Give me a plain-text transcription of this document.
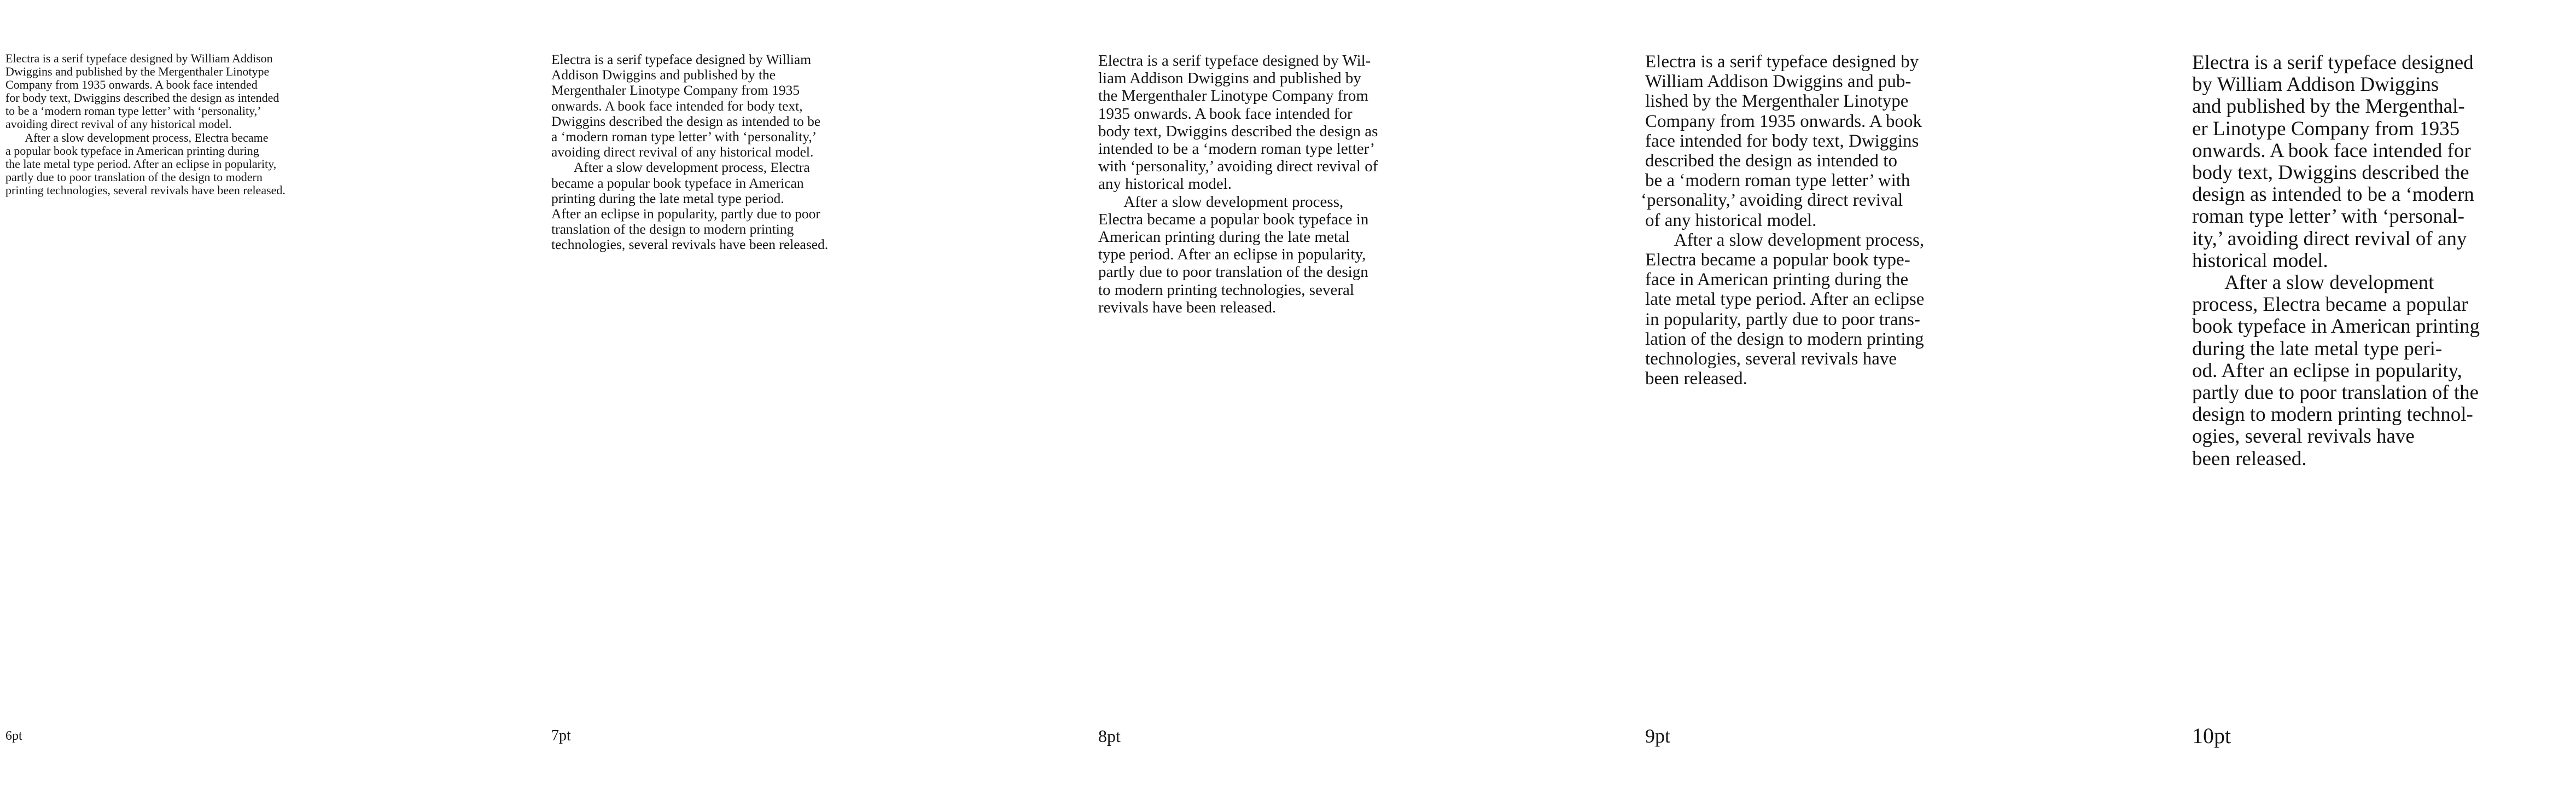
Electra is a serif typeface designed by William Addison
Dwiggins and published by the Mergenthaler Linotype
Company from 1935 onwards. A book face intended
for body text, Dwiggins described the design as intended
to be a ‘modern roman type letter’ with ‘personality,’
avoiding direct revival of any historical model.
After a slow development process, Electra became
a popular book typeface in American printing during
the late metal type period. After an eclipse in popularity,
partly due to poor translation of the design to modern
printing technologies, several revivals have been released.
6pt
Electra is a serif typeface designed by William
Addison Dwiggins and published by the
Mergenthaler Linotype Company from 1935
onwards. A book face intended for body text,
Dwiggins described the design as intended to be
a ‘modern roman type letter’ with ‘personality,’
avoiding direct revival of any historical model.
After a slow development process, Electra
became a popular book typeface in American
printing during the late metal type period.
After an eclipse in popularity, partly due to poor
translation of the design to modern printing
technologies, several revivals have been released.
7pt
Electra is a serif typeface designed by Wil-
liam Addison Dwiggins and published by
the Mergenthaler Linotype Company from
1935 onwards. A book face intended for
body text, Dwiggins described the design as
intended to be a ‘modern roman type letter’
with ‘personality,’ avoiding direct revival of
any historical model.
After a slow development process,
Electra became a popular book typeface in
American printing during the late metal
type period. After an eclipse in popularity,
partly due to poor translation of the design
to modern printing technologies, several
revivals have been released.
8pt
Electra is a serif typeface designed by
William Addison Dwiggins and pub-
lished by the Mergenthaler Linotype
Company from 1935 onwards. A book
face intended for body text, Dwiggins
described the design as intended to
be a ‘modern roman type letter’ with
‘personality,’ avoiding direct revival
of any historical model.
After a slow development process,
Electra became a popular book type-
face in American printing during the
late metal type period. After an eclipse
in popularity, partly due to poor trans-
lation of the design to modern printing
technologies, several revivals have
been released.
9pt
Electra is a serif typeface designed
by William Addison Dwiggins
and published by the Mergenthal-
er Linotype Company from 1935
onwards. A book face intended for
body text, Dwiggins described the
design as intended to be a ‘modern
roman type letter’ with ‘personal-
ity,’ avoiding direct revival of any
historical model.
After a slow development
process, Electra became a popular
book typeface in American printing
during the late metal type peri-
od. After an eclipse in popularity,
partly due to poor translation of the
design to modern printing technol-
ogies, several revivals have
been released.
10pt
